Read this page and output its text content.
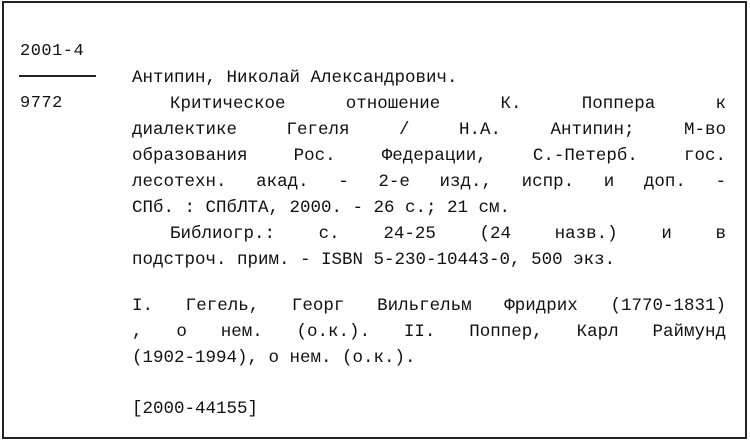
2001-4
9772
Антипин, Николай Александрович.
Критическое отношение К. Поппера к
диалектике Гегеля / Н.А. Антипин; М-во
образования Рос. Федерации, С.-Петерб. гос.
лесотехн. акад. - 2-е изд., испр. и доп. -
СПб. : СПбЛТА, 2000. - 26 с.; 21 см.
Библиогр.: с. 24-25 (24 назв.) и в
подстроч. прим. - ISBN 5-230-10443-0, 500 экз.
I. Гегель, Георг Вильгельм Фридрих (1770-1831)
, о нем. (о.к.). II. Поппер, Карл Раймунд
(1902-1994), о нем. (о.к.).
[2000-44155]
